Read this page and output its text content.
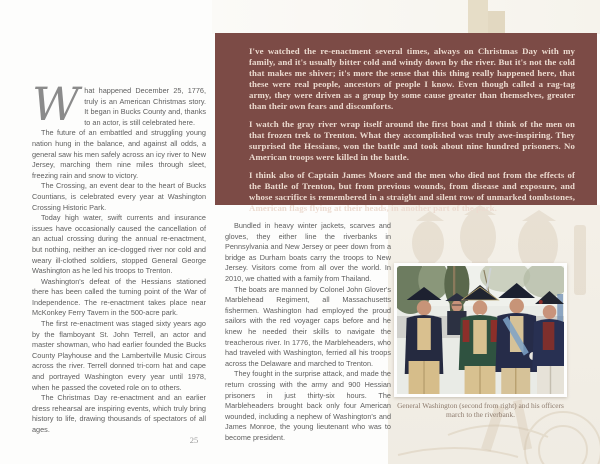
I've watched the re-enactment several times, always on Christmas Day with my family, and it's usually bitter cold and windy down by the river. But it's not the cold that makes me shiver; it's more the sense that this thing really happened here, that these were real people, ancestors of people I know. Even though called a rag-tag army, they were driven as a group by some cause greater than themselves, greater than their own fears and discomforts.

I watch the gray river wrap itself around the first boat and I think of the men on that frozen trek to Trenton. What they accomplished was truly awe-inspiring. They surprised the Hessians, won the battle and took about nine hundred prisoners. No American troops were killed in the battle.

I think also of Captain James Moore and the men who died not from the effects of the Battle of Trenton, but from previous wounds, from disease and exposure, and whose sacrifice is remembered in a straight and silent row of unmarked tombstones, American flags flying at their heads, in another part of the park.

What happened December 25, 1776, truly is an American Christmas story. It began in Bucks County and, thanks to an actor, is still celebrated here.

The future of an embattled and struggling young nation hung in the balance, and against all odds, a general saw his men safely across an icy river to New Jersey, marching them nine miles through sleet, freezing rain and snow to victory.

The Crossing, an event dear to the heart of Bucks Countians, is celebrated every year at Washington Crossing Historic Park.

Today high water, swift currents and insurance issues have occasionally caused the cancellation of an actual crossing during the annual re-enactment, but nothing, neither an ice-clogged river nor cold and weary ill-clothed soldiers, stopped General George Washington as he led his troops to Trenton.

Washington's defeat of the Hessians stationed there has been called the turning point of the War of Independence. The re-enactment takes place near McKonkey Ferry Tavern in the 500-acre park.

The first re-enactment was staged sixty years ago by the flamboyant St. John Terrell, an actor and master showman, who had earlier founded the Bucks County Playhouse and the Lambertville Music Circus across the river. Terrell donned tri-corn hat and cape and portrayed Washington every year until 1978, when he passed the coveted role on to others.

The Christmas Day re-enactment and an earlier dress rehearsal are inspiring events, which truly bring history to life, drawing thousands of spectators of all ages.

Bundled in heavy winter jackets, scarves and gloves, they either line the riverbanks in Pennsylvania and New Jersey or peer down from a bridge as Durham boats carry the troops to New Jersey. Visitors come from all over the world. In 2010, we chatted with a family from Thailand.

The boats are manned by Colonel John Glover's Marblehead Regiment, all Massachusetts fishermen. Washington had employed the proud sailors with the red voyager caps before and he knew he needed their skills to navigate the treacherous river. In 1776, the Marbleheaders, who had traveled with Washington, ferried all his troops across the Delaware and marched to Trenton.

They fought in the surprise attack, and made the return crossing with the army and 900 Hessian prisoners in just thirty-six hours. The Marbleheaders brought back only four American wounded, including a nephew of Washington's and James Monroe, the young lieutenant who was to become president.

General Washington (second from right) and his officers march to the riverbank.
25
